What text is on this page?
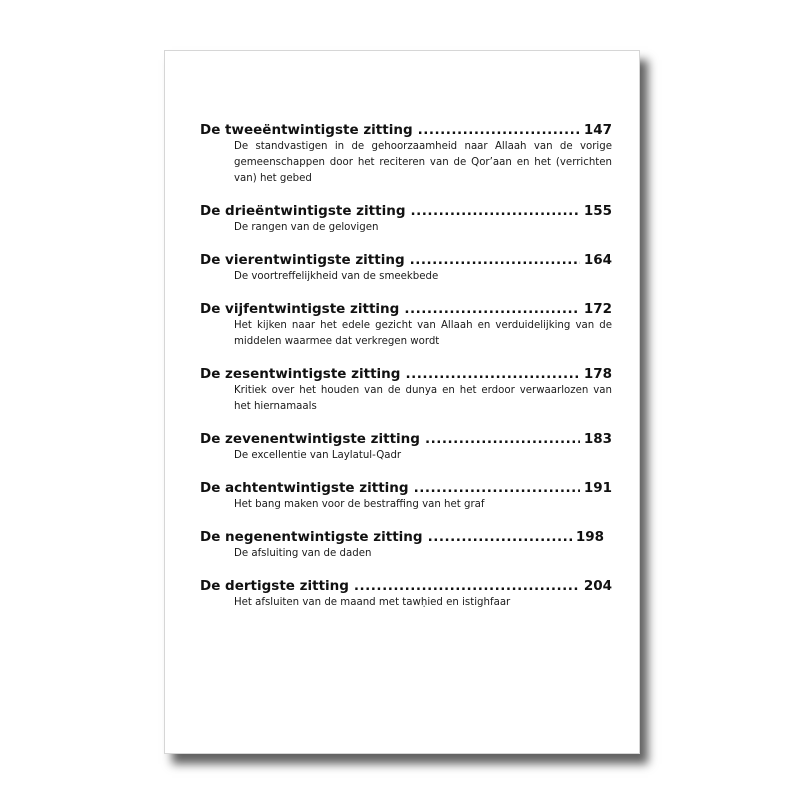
De tweeëntwintigste zitting .....	147
De standvastigen in de gehoorzaamheid naar Allaah van de vorige gemeenschappen door het reciteren van de Qor’aan en het (verrichten van) het gebed
De drieëntwintigste zitting .....	155
De rangen van de gelovigen
De vierentwintigste zitting .....	164
De voortreffelijkheid van de smeekbede
De vijfentwintigste zitting .....	172
Het kijken naar het edele gezicht van Allaah en verduidelijking van de middelen waarmee dat verkregen wordt
De zesentwintigste zitting .....	178
Kritiek over het houden van de dunya en het erdoor verwaarlozen van het hiernamaals
De zevenentwintigste zitting .....	183
De excellentie van Laylatul-Qadr
De achtentwintigste zitting .....	191
Het bang maken voor de bestraffing van het graf
De negenentwintigste zitting .....	198
De afsluiting van de daden
De dertigste zitting .....	204
Het afsluiten van de maand met tawḥied en istighfaar
